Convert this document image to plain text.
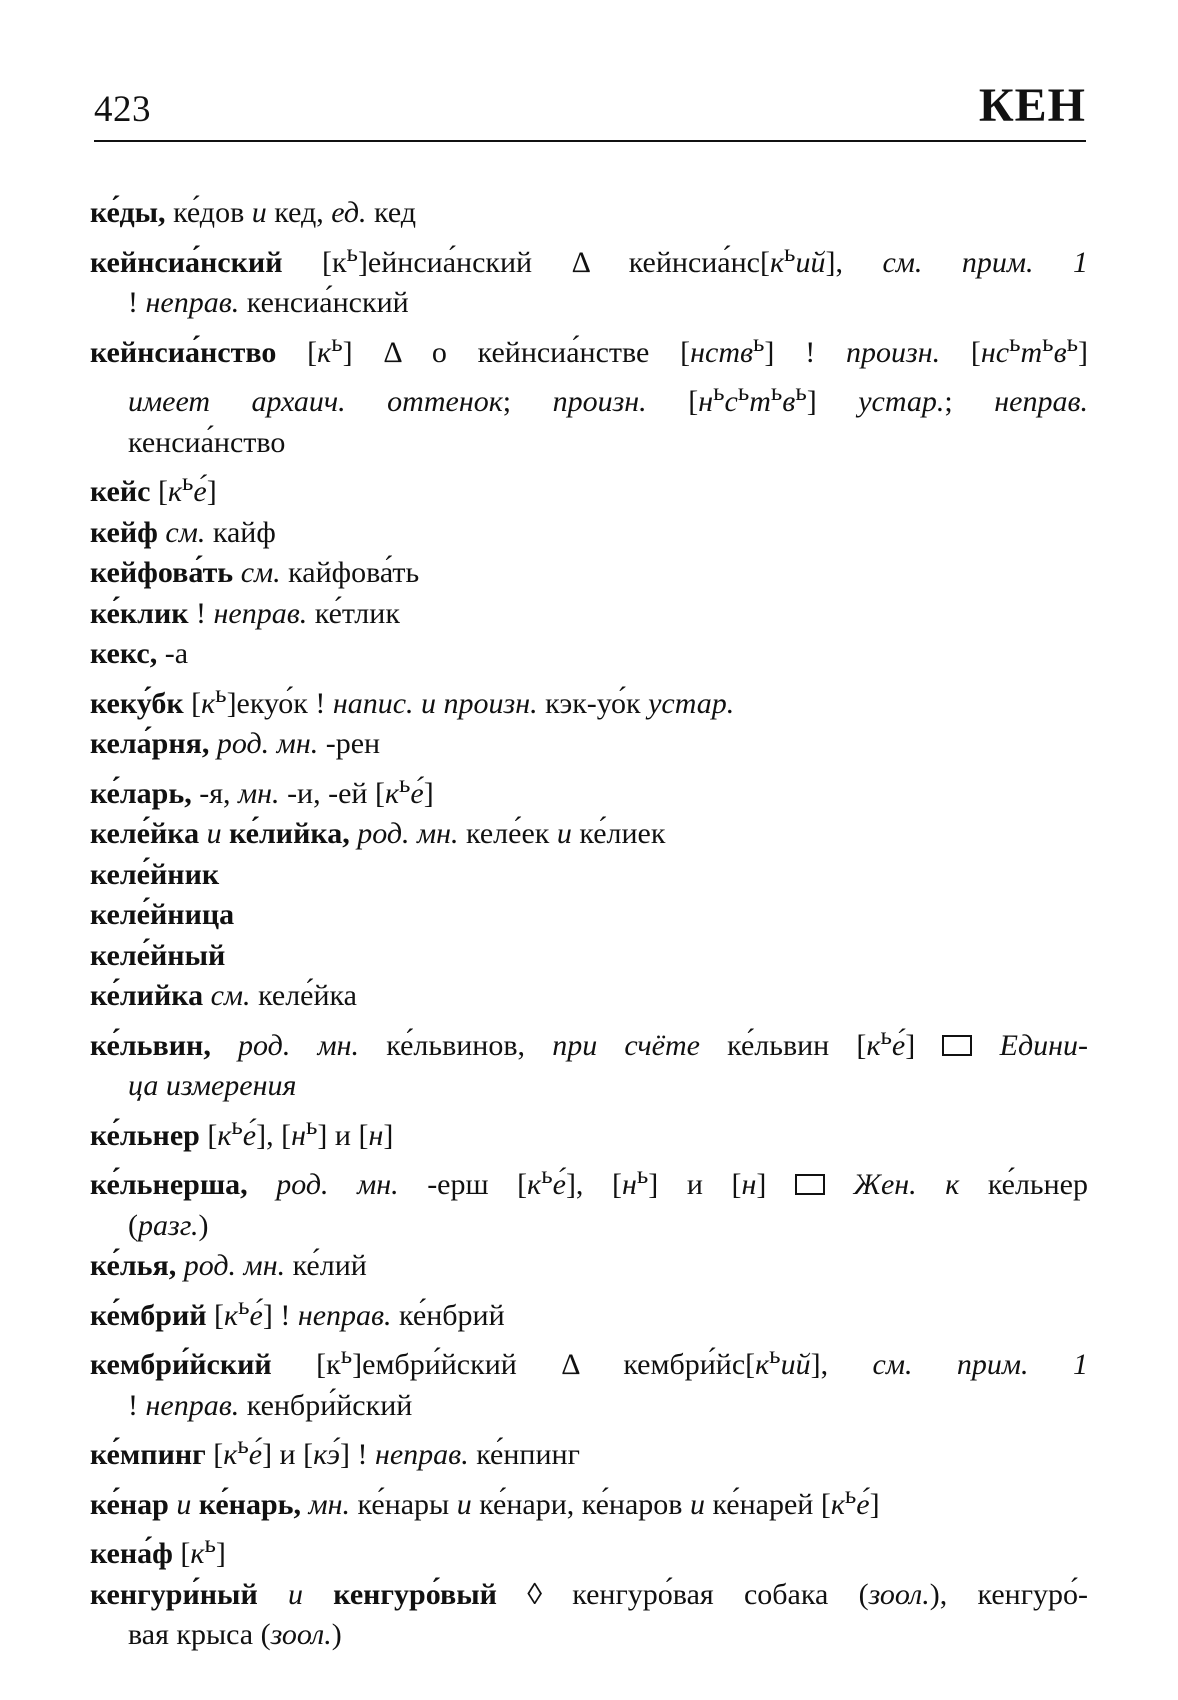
423	КЕН
ке́ды, ке́дов и кед, ед. кед
кейнсиа́нский $[к^ь]ейнсиа́нский$ Δ $кейнсиа́нс[к^ьий]$, см. прим. 1
! неправ. кенсиа́нский
кейнсиа́нство $[к^ь]$ Δ о кейнсиа́нстве [нств$^ь$] ! произн. $[нс^ьт^ьв^ь]$
имеет архаич. оттенок; произн. $[н^ьс^ьт^ьв^ь]$ устар.; неправ.
кенсиа́нство
кейс $[к^ье́]$
кейф см. кайф
кейфова́ть см. кайфова́ть
ке́клик ! неправ. ке́тлик
кекс, -а
кеку́бк $[к^ь]екуо́к$ ! напис. и произн. кэк-уо́к устар.
кела́рня, род. мн. -рен
ке́ларь, -я, мн. -и, -ей $[к^ье́]$
келе́йка и ке́лийка, род. мн. келе́ек и ке́лиек
келе́йник
келе́йница
келе́йный
ке́лийка см. келе́йка
ке́львин, род. мн. ке́львинов, при счёте ке́львин $[к^ье́]$  Едини-
ца измерения
ке́льнер $[к^ье́]$, $[н^ь]$ и [н]
ке́льнерша, род. мн. -ерш $[к^ье́]$, $[н^ь]$ и [н]  Жен. к ке́льнер
(разг.)
ке́лья, род. мн. ке́лий
ке́мбрий $[к^ье́]$ ! неправ. ке́нбрий
кембри́йский $[к^ь]ембри́йский$ Δ $кембри́йс[к^ьий]$, см. прим. 1
! неправ. кенбри́йский
ке́мпинг $[к^ье́]$ и [кэ́] ! неправ. ке́нпинг
ке́нар и ке́нарь, мн. ке́нары и ке́нари, ке́наров и ке́нарей $[к^ье́]$
кена́ф $[к^ь]$
кенгури́ный и кенгуро́вый ◊ кенгуро́вая собака (зоол.), кенгуро́-
вая крыса (зоол.)
